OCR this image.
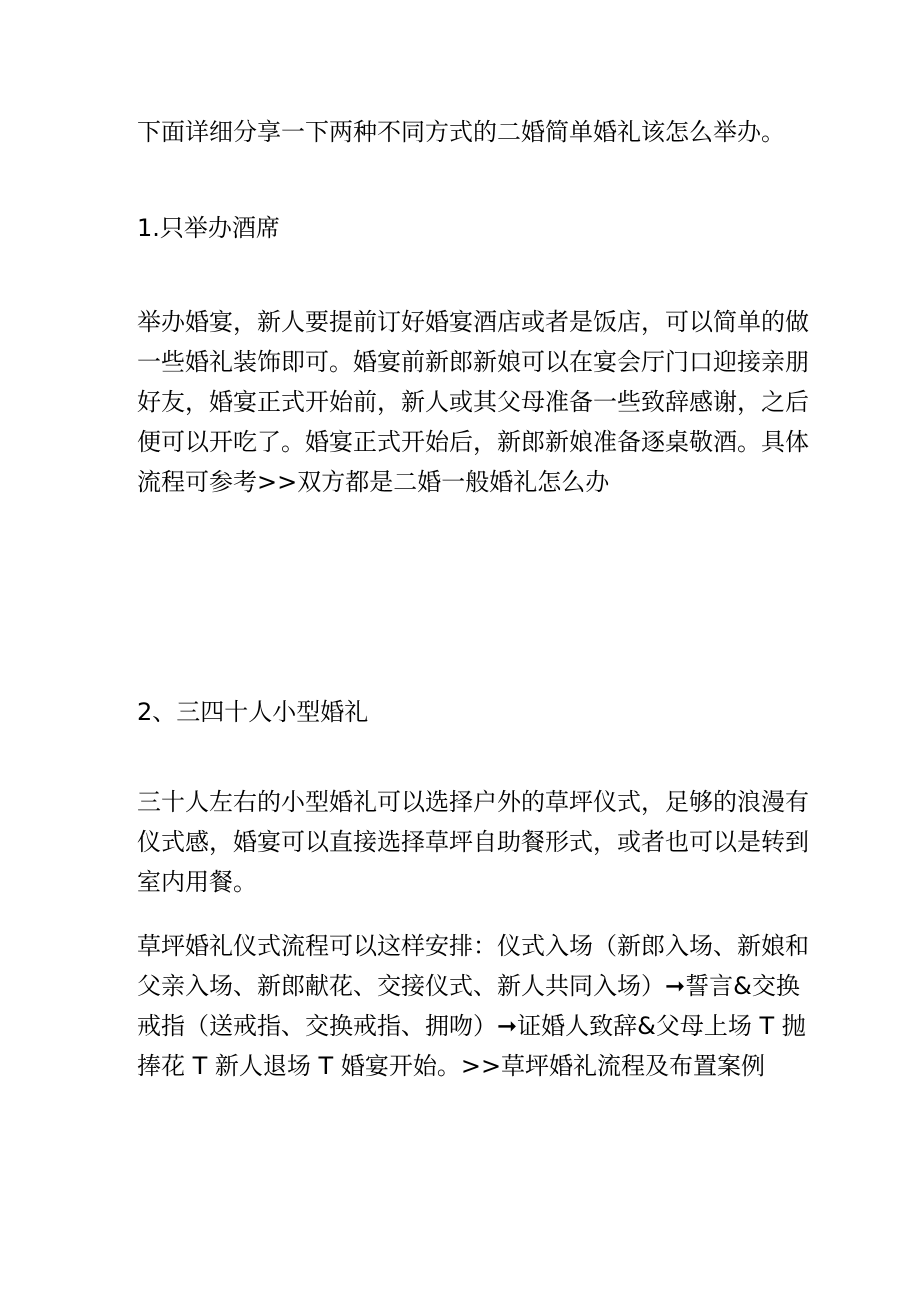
下面详细分享一下两种不同方式的二婚简单婚礼该怎么举办。

1.只举办酒席

举办婚宴，新人要提前订好婚宴酒店或者是饭店，可以简单的做
一些婚礼装饰即可。婚宴前新郎新娘可以在宴会厅门口迎接亲朋
好友，婚宴正式开始前，新人或其父母准备一些致辞感谢，之后
便可以开吃了。婚宴正式开始后，新郎新娘准备逐桌敬酒。具体
流程可参考>>双方都是二婚一般婚礼怎么办

2、三四十人小型婚礼

三十人左右的小型婚礼可以选择户外的草坪仪式，足够的浪漫有
仪式感，婚宴可以直接选择草坪自助餐形式，或者也可以是转到
室内用餐。

草坪婚礼仪式流程可以这样安排：仪式入场（新郎入场、新娘和
父亲入场、新郎献花、交接仪式、新人共同入场）➞誓言&交换
戒指（送戒指、交换戒指、拥吻）➞证婚人致辞&父母上场 T 抛
捧花 T 新人退场 T 婚宴开始。>>草坪婚礼流程及布置案例
